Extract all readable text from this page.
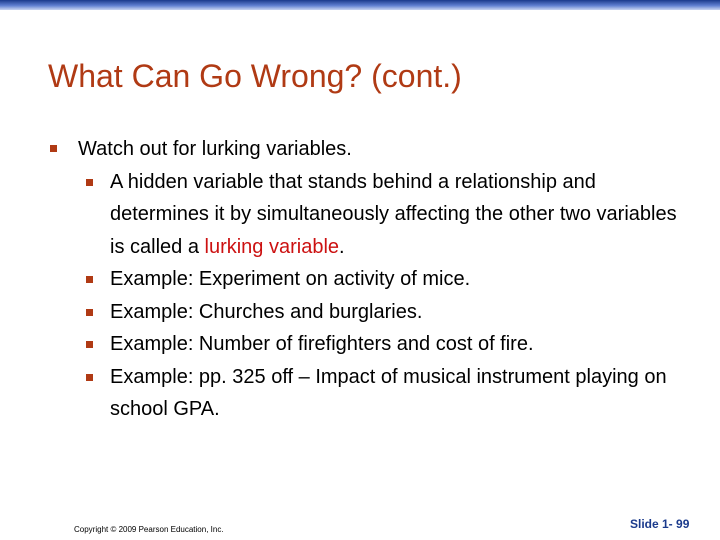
What Can Go Wrong? (cont.)
Watch out for lurking variables.
A hidden variable that stands behind a relationship and determines it by simultaneously affecting the other two variables is called a lurking variable.
Example: Experiment on activity of mice.
Example: Churches and burglaries.
Example: Number of firefighters and cost of fire.
Example: pp. 325 off – Impact of musical instrument playing on school GPA.
Copyright © 2009 Pearson Education, Inc.	Slide 1- 99
